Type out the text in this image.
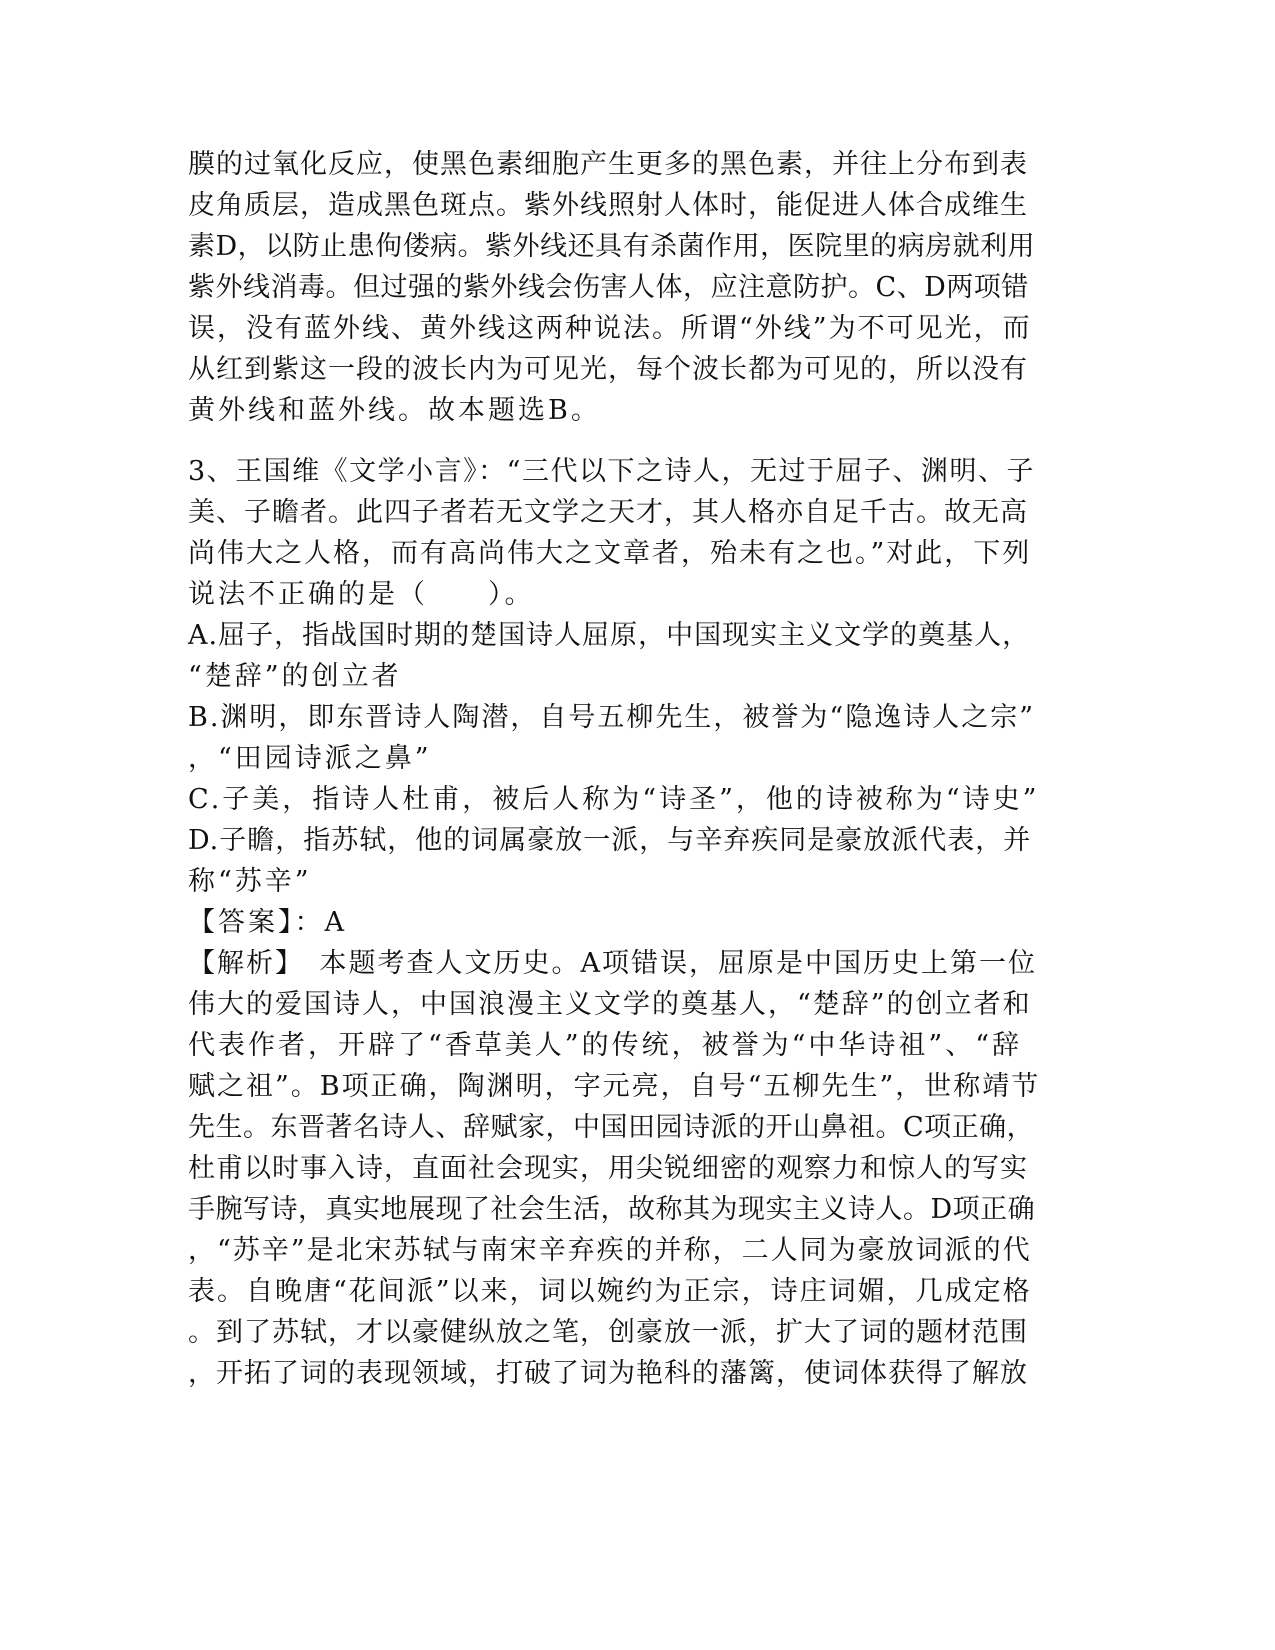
膜的过氧化反应，使黑色素细胞产生更多的黑色素，并往上分布到表
皮角质层，造成黑色斑点。紫外线照射人体时，能促进人体合成维生
素D，以防止患佝偻病。紫外线还具有杀菌作用，医院里的病房就利用
紫外线消毒。但过强的紫外线会伤害人体，应注意防护。C、D两项错
误，没有蓝外线、黄外线这两种说法。所谓“外线”为不可见光，而
从红到紫这一段的波长内为可见光，每个波长都为可见的，所以没有
黄外线和蓝外线。故本题选B。
3、王国维《文学小言》：“三代以下之诗人，无过于屈子、渊明、子
美、子瞻者。此四子者若无文学之天才，其人格亦自足千古。故无高
尚伟大之人格，而有高尚伟大之文章者，殆未有之也。”对此，下列
说法不正确的是（　　）。
A.屈子，指战国时期的楚国诗人屈原，中国现实主义文学的奠基人，
“楚辞”的创立者
B.渊明，即东晋诗人陶潜，自号五柳先生，被誉为“隐逸诗人之宗”
，“田园诗派之鼻”
C.子美，指诗人杜甫，被后人称为“诗圣”，他的诗被称为“诗史”
D.子瞻，指苏轼，他的词属豪放一派，与辛弃疾同是豪放派代表，并
称“苏辛”
【答案】：A
【解析】　本题考查人文历史。A项错误，屈原是中国历史上第一位
伟大的爱国诗人，中国浪漫主义文学的奠基人，“楚辞”的创立者和
代表作者，开辟了“香草美人”的传统，被誉为“中华诗祖”、“辞
赋之祖”。B项正确，陶渊明，字元亮，自号“五柳先生”，世称靖节
先生。东晋著名诗人、辞赋家，中国田园诗派的开山鼻祖。C项正确，
杜甫以时事入诗，直面社会现实，用尖锐细密的观察力和惊人的写实
手腕写诗，真实地展现了社会生活，故称其为现实主义诗人。D项正确
，“苏辛”是北宋苏轼与南宋辛弃疾的并称，二人同为豪放词派的代
表。自晚唐“花间派”以来，词以婉约为正宗，诗庄词媚，几成定格
。到了苏轼，才以豪健纵放之笔，创豪放一派，扩大了词的题材范围
，开拓了词的表现领域，打破了词为艳科的藩篱，使词体获得了解放
